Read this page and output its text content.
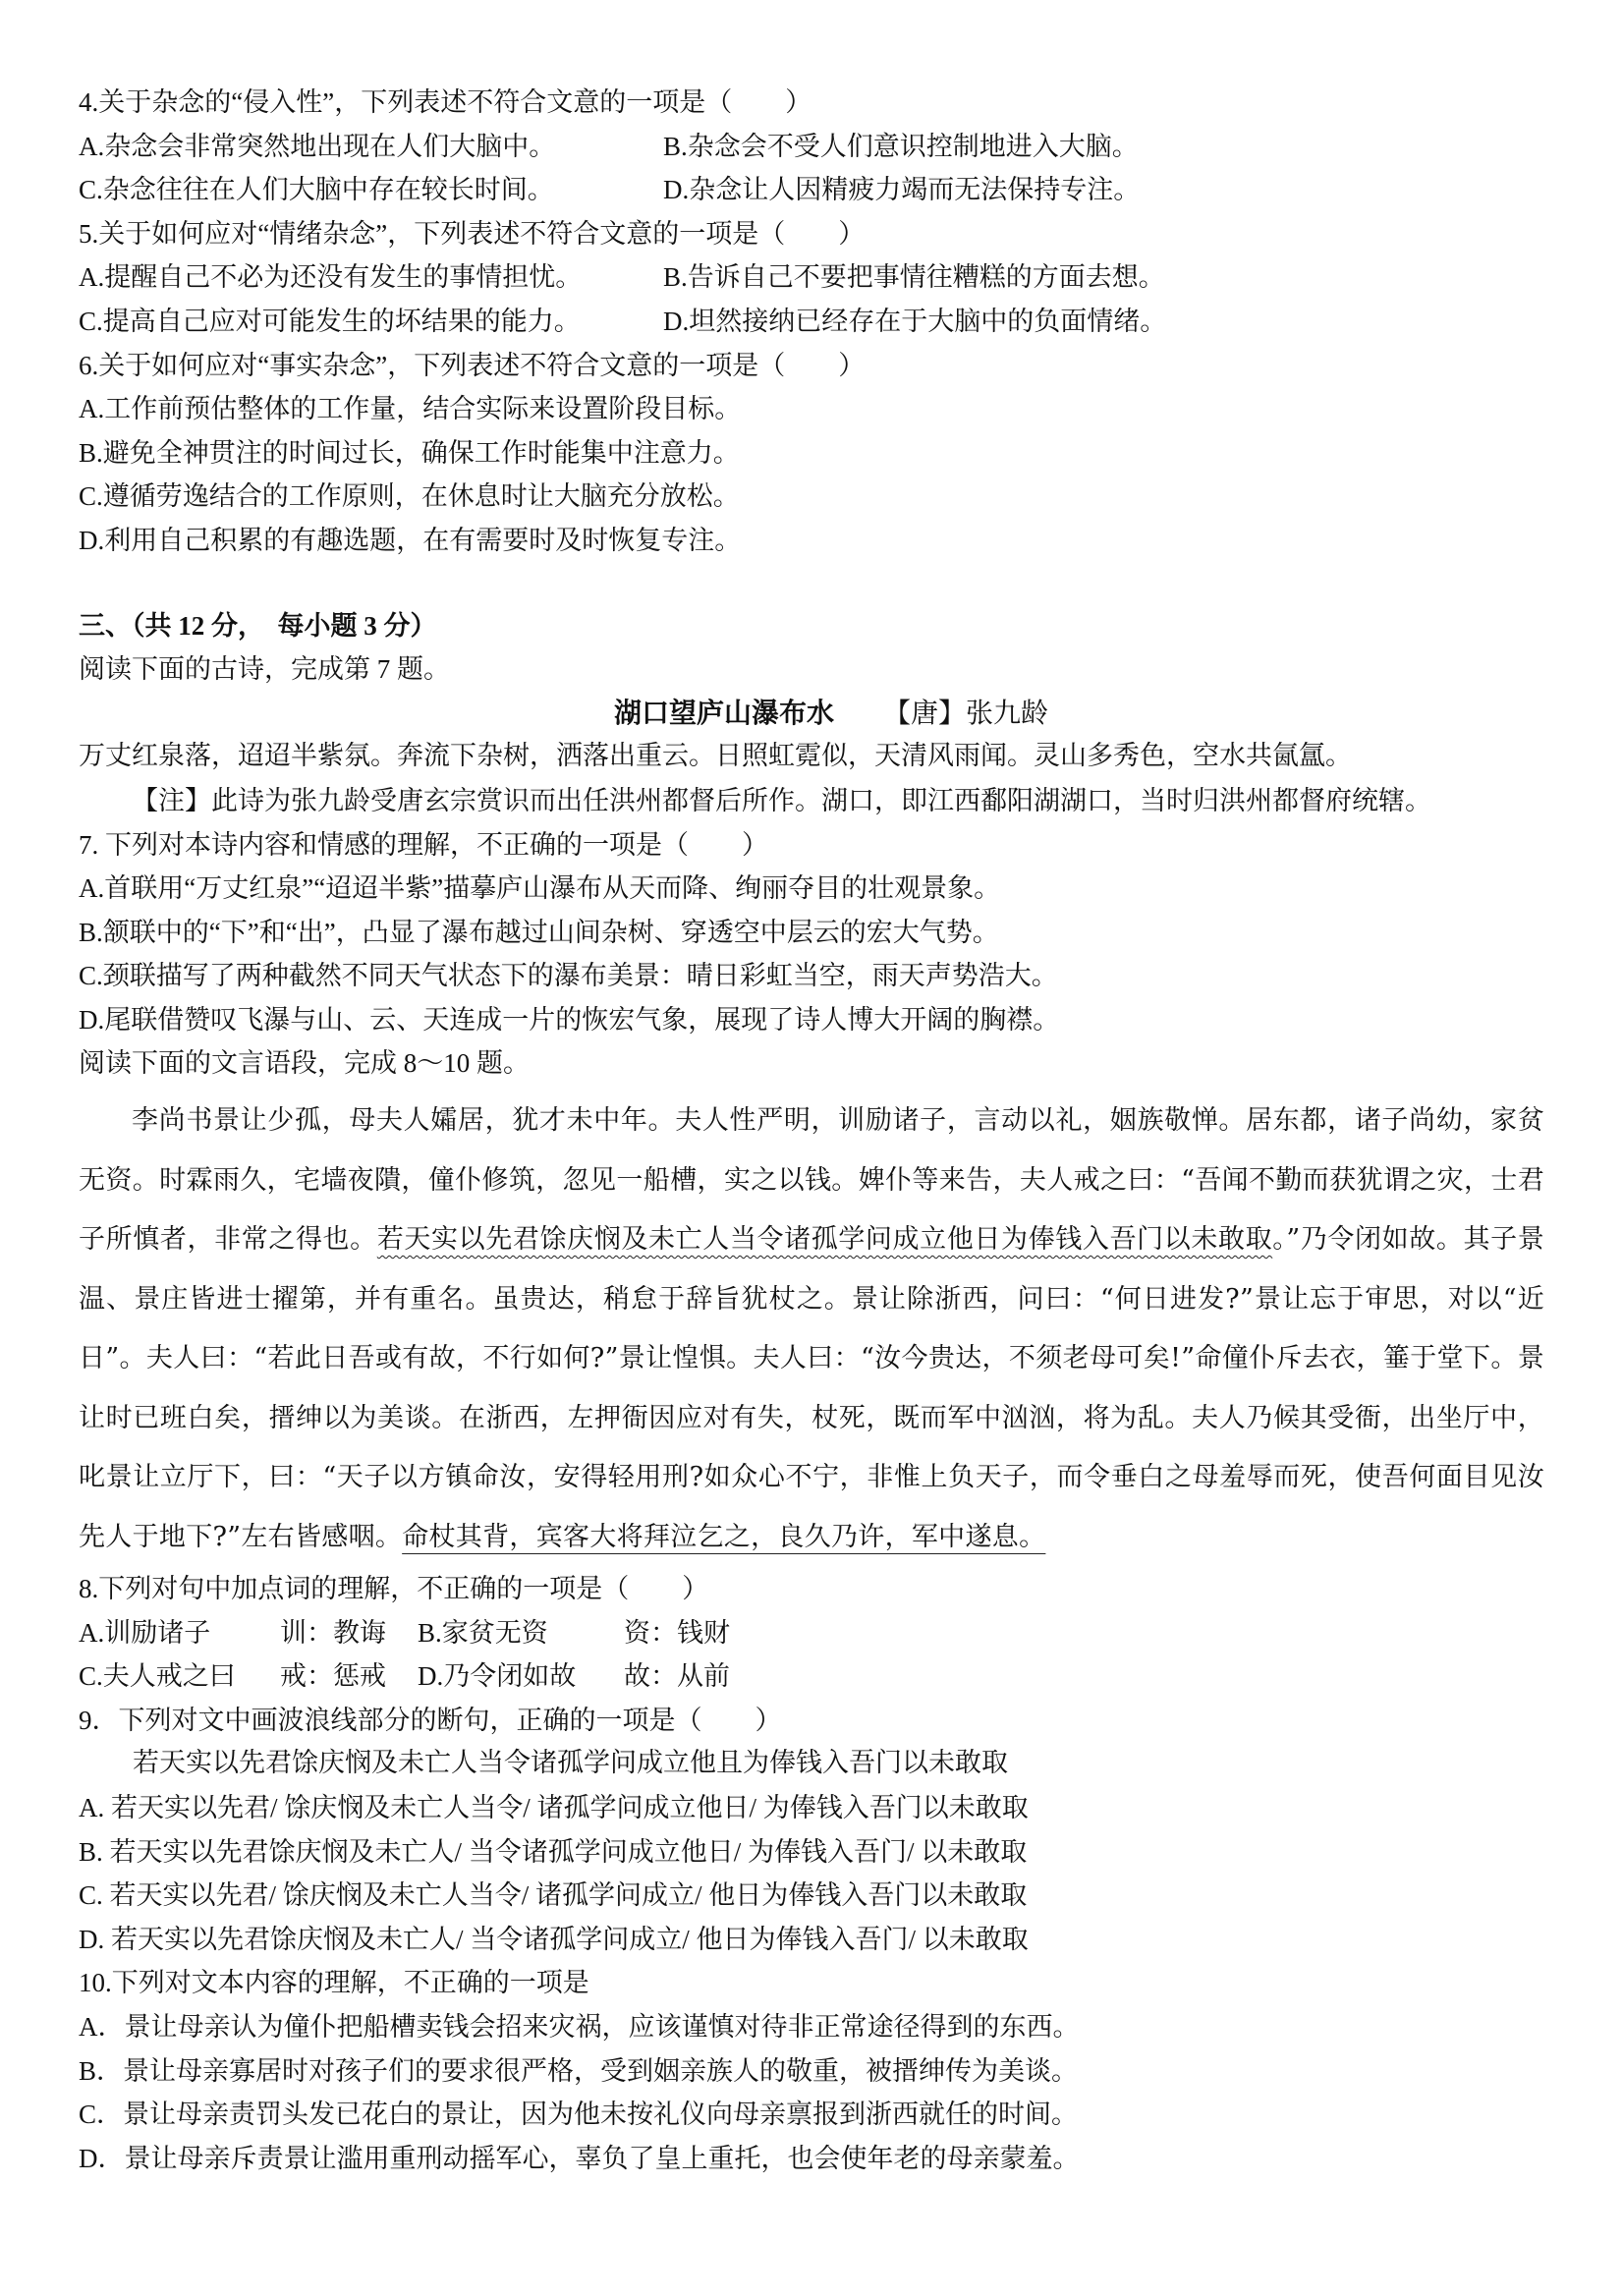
4.关于杂念的“侵入性”，下列表述不符合文意的一项是（　　）
A.杂念会非常突然地出现在人们大脑中。	B.杂念会不受人们意识控制地进入大脑。
C.杂念往往在人们大脑中存在较长时间。	D.杂念让人因精疲力竭而无法保持专注。
5.关于如何应对“情绪杂念”，下列表述不符合文意的一项是（　　）
A.提醒自己不必为还没有发生的事情担忧。	B.告诉自己不要把事情往糟糕的方面去想。
C.提高自己应对可能发生的坏结果的能力。	D.坦然接纳已经存在于大脑中的负面情绪。
6.关于如何应对“事实杂念”，下列表述不符合文意的一项是（　　）
A.工作前预估整体的工作量，结合实际来设置阶段目标。
B.避免全神贯注的时间过长，确保工作时能集中注意力。
C.遵循劳逸结合的工作原则，在休息时让大脑充分放松。
D.利用自己积累的有趣选题，在有需要时及时恢复专注。
三、（共 12 分，　每小题 3 分）
阅读下面的古诗，完成第 7 题。
湖口望庐山瀑布水 【唐】张九龄
万丈红泉落，迢迢半紫氛。奔流下杂树，洒落出重云。日照虹霓似，天清风雨闻。灵山多秀色，空水共氤氲。
【注】此诗为张九龄受唐玄宗赏识而出任洪州都督后所作。湖口，即江西鄱阳湖湖口，当时归洪州都督府统辖。
7. 下列对本诗内容和情感的理解，不正确的一项是（　　）
A.首联用“万丈红泉”“迢迢半紫”描摹庐山瀑布从天而降、绚丽夺目的壮观景象。
B.颔联中的“下”和“出”，凸显了瀑布越过山间杂树、穿透空中层云的宏大气势。
C.颈联描写了两种截然不同天气状态下的瀑布美景：晴日彩虹当空，雨天声势浩大。
D.尾联借赞叹飞瀑与山、云、天连成一片的恢宏气象，展现了诗人博大开阔的胸襟。
阅读下面的文言语段，完成 8～10 题。
李尚书景让少孤，母夫人孀居，犹才未中年。夫人性严明，训励诸子，言动以礼，姻族敬惮。居东都，诸子尚幼，家贫无资。时霖雨久，宅墙夜隤，僮仆修筑，忽见一船槽，实之以钱。婢仆等来告，夫人戒之曰：“吾闻不勤而获犹谓之灾，士君子所慎者，非常之得也。若天实以先君馀庆悯及未亡人当令诸孤学问成立他日为俸钱入吾门以未敢取。”乃令闭如故。其子景温、景庄皆进士擢第，并有重名。虽贵达，稍怠于辞旨犹杖之。景让除浙西，问曰：“何日进发?”景让忘于审思，对以“近日”。夫人曰：“若此日吾或有故，不行如何?”景让惶惧。夫人曰：“汝今贵达，不须老母可矣!”命僮仆斥去衣，箠于堂下。景让时已班白矣，搢绅以为美谈。在浙西，左押衙因应对有失，杖死，既而军中汹汹，将为乱。夫人乃候其受衙，出坐厅中，叱景让立厅下，曰：“天子以方镇命汝，安得轻用刑?如众心不宁，非惟上负天子，而令垂白之母羞辱而死，使吾何面目见汝先人于地下?”左右皆感咽。命杖其背，宾客大将拜泣乞之，良久乃许，军中遂息。
8.下列对句中加点词的理解，不正确的一项是（　　）
A.训励诸子	训：教诲	B.家贫无资	资：钱财
C.夫人戒之曰	戒：惩戒	D.乃令闭如故	故：从前
9．下列对文中画波浪线部分的断句，正确的一项是（　　）
若天实以先君馀庆悯及未亡人当令诸孤学问成立他且为俸钱入吾门以未敢取
A. 若天实以先君/ 馀庆悯及未亡人当令/ 诸孤学问成立他日/ 为俸钱入吾门以未敢取
B. 若天实以先君馀庆悯及未亡人/ 当令诸孤学问成立他日/ 为俸钱入吾门/ 以未敢取
C. 若天实以先君/ 馀庆悯及未亡人当令/ 诸孤学问成立/ 他日为俸钱入吾门以未敢取
D. 若天实以先君馀庆悯及未亡人/ 当令诸孤学问成立/ 他日为俸钱入吾门/ 以未敢取
10.下列对文本内容的理解，不正确的一项是
A．景让母亲认为僮仆把船槽卖钱会招来灾祸，应该谨慎对待非正常途径得到的东西。
B．景让母亲寡居时对孩子们的要求很严格，受到姻亲族人的敬重，被搢绅传为美谈。
C．景让母亲责罚头发已花白的景让，因为他未按礼仪向母亲禀报到浙西就任的时间。
D．景让母亲斥责景让滥用重刑动摇军心，辜负了皇上重托，也会使年老的母亲蒙羞。
